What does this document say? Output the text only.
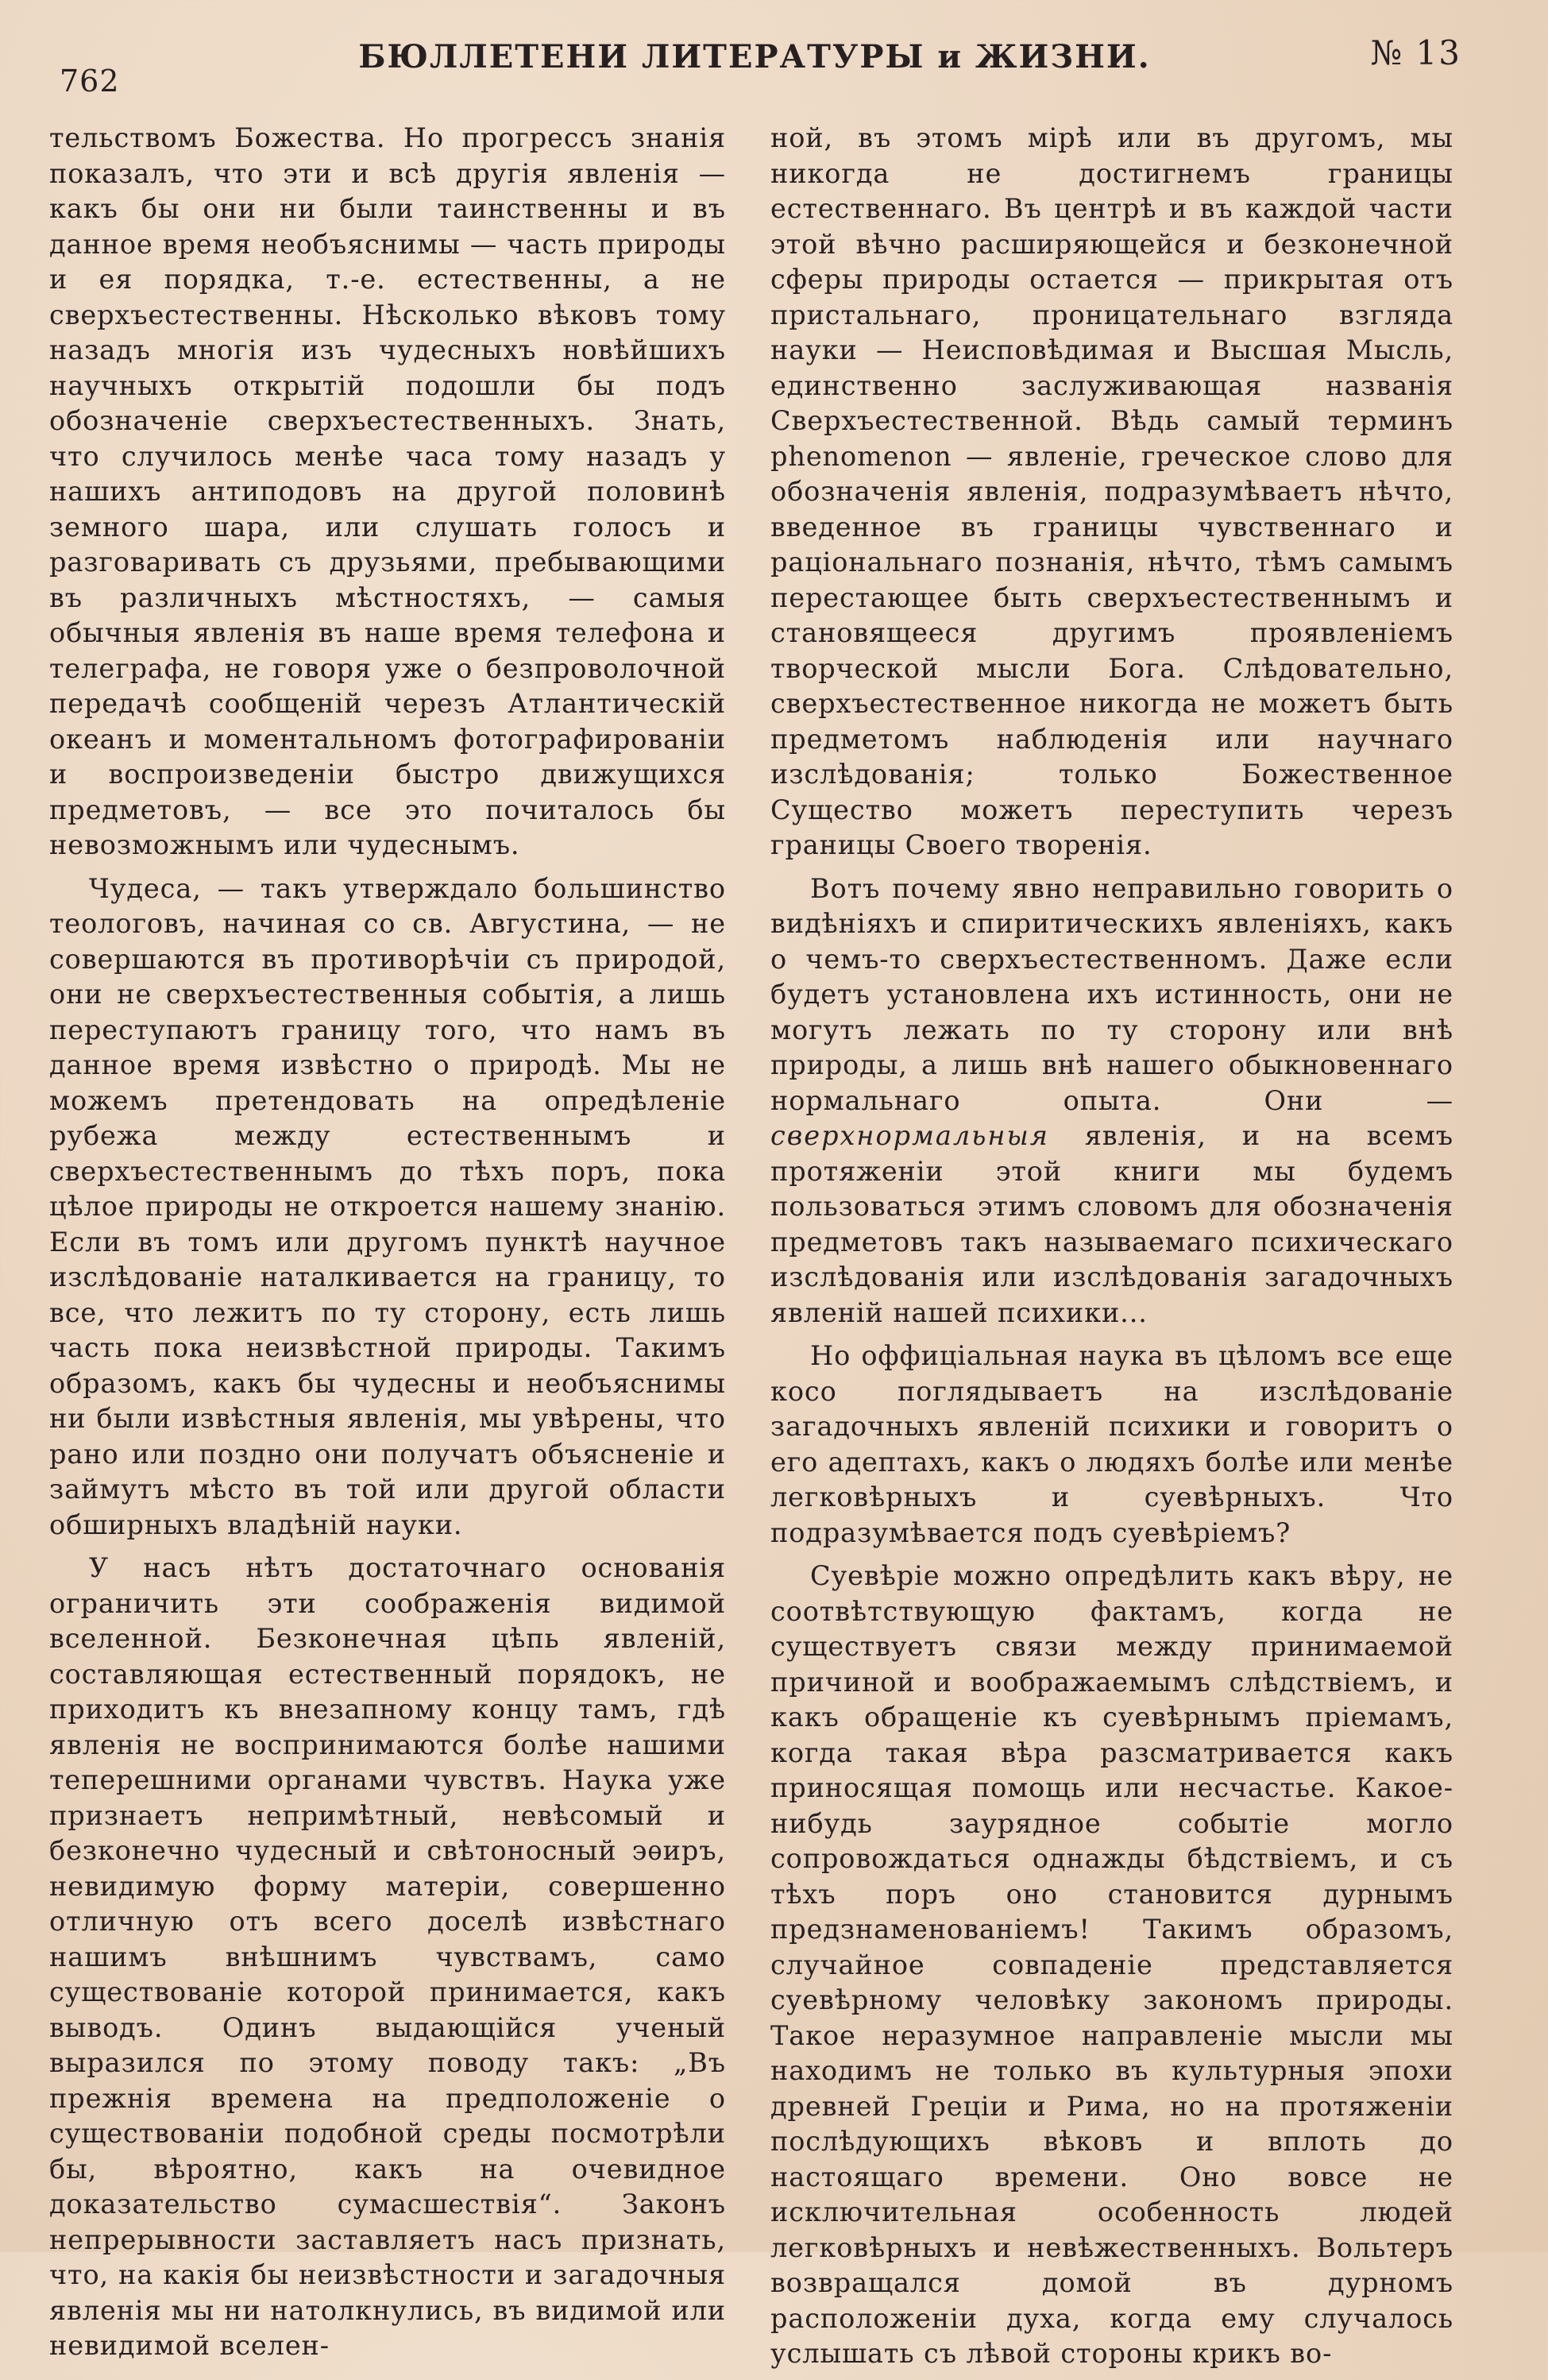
762
БЮЛЛЕТЕНИ ЛИТЕРАТУРЫ и ЖИЗНИ.	№ 13

тельствомъ Божества. Но прогрессъ знанія показалъ, что эти и всѣ другія явленія — какъ бы они ни были таинственны и въ данное время необъяснимы — часть природы и ея порядка, т.-е. естественны, а не сверхъестественны. Нѣсколько вѣковъ тому назадъ многія изъ чудесныхъ новѣйшихъ научныхъ открытій подошли бы подъ обозначеніе сверхъестественныхъ. Знать, что случилось менѣе часа тому назадъ у нашихъ антиподовъ на другой половинѣ земного шара, или слушать голосъ и разговаривать съ друзьями, пребывающими въ различныхъ мѣстностяхъ, — самыя обычныя явленія въ наше время телефона и телеграфа, не говоря уже о безпроволочной передачѣ сообщеній черезъ Атлантическій океанъ и моментальномъ фотографированіи и воспроизведеніи быстро движущихся предметовъ, — все это почиталось бы невозможнымъ или чудеснымъ.

Чудеса, — такъ утверждало большинство теологовъ, начиная со св. Августина, — не совершаются въ противорѣчіи съ природой, они не сверхъестественныя событія, а лишь переступаютъ границу того, что намъ въ данное время извѣстно о природѣ. Мы не можемъ претендовать на опредѣленіе рубежа между естественнымъ и сверхъестественнымъ до тѣхъ поръ, пока цѣлое природы не откроется нашему знанію. Если въ томъ или другомъ пунктѣ научное изслѣдованіе наталкивается на границу, то все, что лежитъ по ту сторону, есть лишь часть пока неизвѣстной природы. Такимъ образомъ, какъ бы чудесны и необъяснимы ни были извѣстныя явленія, мы увѣрены, что рано или поздно они получатъ объясненіе и займутъ мѣсто въ той или другой области обширныхъ владѣній науки.

У насъ нѣтъ достаточнаго основанія ограничить эти соображенія видимой вселенной. Безконечная цѣпь явленій, составляющая естественный порядокъ, не приходитъ къ внезапному концу тамъ, гдѣ явленія не воспринимаются болѣе нашими теперешними органами чувствъ. Наука уже признаетъ непримѣтный, невѣсомый и безконечно чудесный и свѣтоносный эѳиръ, невидимую форму матеріи, совершенно отличную отъ всего доселѣ извѣстнаго нашимъ внѣшнимъ чувствамъ, само существованіе которой принимается, какъ выводъ. Одинъ выдающійся ученый выразился по этому поводу такъ: „Въ прежнія времена на предположеніе о существованіи подобной среды посмотрѣли бы, вѣроятно, какъ на очевидное доказательство сумасшествія“. Законъ непрерывности заставляетъ насъ признать, что, на какія бы неизвѣстности и загадочныя явленія мы ни натолкнулись, въ видимой или невидимой вселен-

ной, въ этомъ мірѣ или въ другомъ, мы никогда не достигнемъ границы естественнаго. Въ центрѣ и въ каждой части этой вѣчно расширяющейся и безконечной сферы природы остается — прикрытая отъ пристальнаго, проницательнаго взгляда науки — Неисповѣдимая и Высшая Мысль, единственно заслуживающая названія Сверхъестественной. Вѣдь самый терминъ phenomenon — явленіе, греческое слово для обозначенія явленія, подразумѣваетъ нѣчто, введенное въ границы чувственнаго и раціональнаго познанія, нѣчто, тѣмъ самымъ перестающее быть сверхъестественнымъ и становящееся другимъ проявленіемъ творческой мысли Бога. Слѣдовательно, сверхъестественное никогда не можетъ быть предметомъ наблюденія или научнаго изслѣдованія; только Божественное Существо можетъ переступить черезъ границы Своего творенія.

Вотъ почему явно неправильно говорить о видѣніяхъ и спиритическихъ явленіяхъ, какъ о чемъ-то сверхъестественномъ. Даже если будетъ установлена ихъ истинность, они не могутъ лежать по ту сторону или внѣ природы, а лишь внѣ нашего обыкновеннаго нормальнаго опыта. Они — сверхнормальныя явленія, и на всемъ протяженіи этой книги мы будемъ пользоваться этимъ словомъ для обозначенія предметовъ такъ называемаго психическаго изслѣдованія или изслѣдованія загадочныхъ явленій нашей психики...

Но оффиціальная наука въ цѣломъ все еще косо поглядываетъ на изслѣдованіе загадочныхъ явленій психики и говоритъ о его адептахъ, какъ о людяхъ болѣе или менѣе легковѣрныхъ и суевѣрныхъ. Что подразумѣвается подъ суевѣріемъ?

Суевѣріе можно опредѣлить какъ вѣру, не соотвѣтствующую фактамъ, когда не существуетъ связи между принимаемой причиной и воображаемымъ слѣдствіемъ, и какъ обращеніе къ суевѣрнымъ пріемамъ, когда такая вѣра разсматривается какъ приносящая помощь или несчастье. Какое-нибудь заурядное событіе могло сопровождаться однажды бѣдствіемъ, и съ тѣхъ поръ оно становится дурнымъ предзнаменованіемъ! Такимъ образомъ, случайное совпаденіе представляется суевѣрному человѣку закономъ природы. Такое неразумное направленіе мысли мы находимъ не только въ культурныя эпохи древней Греціи и Рима, но на протяженіи послѣдующихъ вѣковъ и вплоть до настоящаго времени. Оно вовсе не исключительная особенность людей легковѣрныхъ и невѣжественныхъ. Вольтеръ возвращался домой въ дурномъ расположеніи духа, когда ему случалось услышать съ лѣвой стороны крикъ во-
